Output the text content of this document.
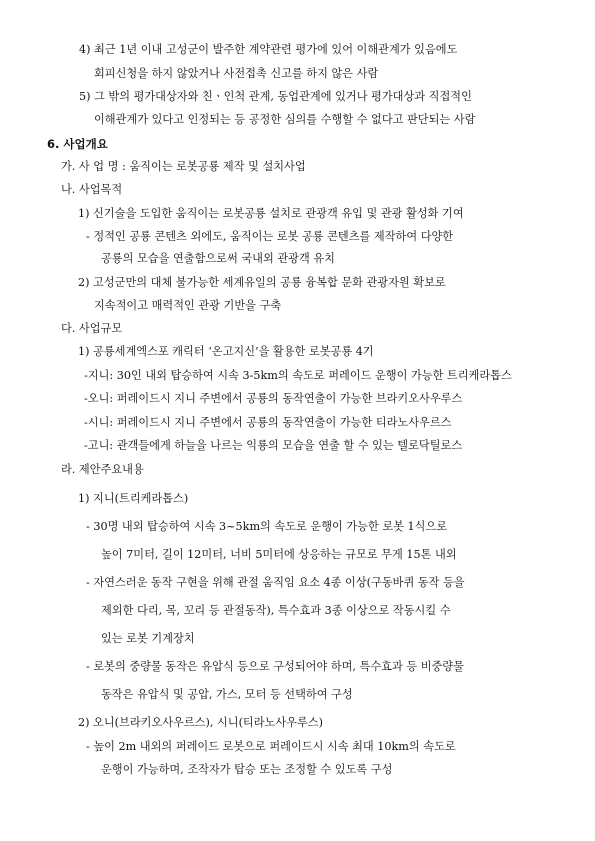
4) 최근 1년 이내 고성군이 발주한 계약관련 평가에 있어 이해관계가 있음에도
회피신청을 하지 않았거나 사전접촉 신고를 하지 않은 사람
5) 그 밖의 평가대상자와 친ㆍ인척 관계, 동업관계에 있거나 평가대상과 직접적인
이해관계가 있다고 인정되는 등 공정한 심의를 수행할 수 없다고 판단되는 사람
6. 사업개요
가. 사 업 명 : 움직이는 로봇공룡 제작 및 설치사업
나. 사업목적
1) 신기술을 도입한 움직이는 로봇공룡 설치로 관광객 유입 및 관광 활성화 기여
- 정적인 공룡 콘텐츠 외에도, 움직이는 로봇 공룡 콘텐츠를 제작하여 다양한
공룡의 모습을 연출함으로써 국내외 관광객 유치
2) 고성군만의 대체 불가능한 세계유일의 공룡 융복합 문화 관광자원 확보로
지속적이고 매력적인 관광 기반을 구축
다. 사업규모
1) 공룡세계엑스포 캐릭터 ‘온고지신’을 활용한 로봇공룡 4기
-지니: 30인 내외 탑승하여 시속 3-5km의 속도로 퍼레이드 운행이 가능한 트리케라톱스
-오니: 퍼레이드시 지니 주변에서 공룡의 동작연출이 가능한 브라키오사우루스
-시니: 퍼레이드시 지니 주변에서 공룡의 동작연출이 가능한 티라노사우르스
-고니: 관객들에게 하늘을 나르는 익룡의 모습을 연출 할 수 있는 텔로닥틸로스
라. 제안주요내용
1) 지니(트리케라톱스)
- 30명 내외 탑승하여 시속 3~5km의 속도로 운행이 가능한 로봇 1식으로
높이 7미터, 길이 12미터, 너비 5미터에 상응하는 규모로 무게 15톤 내외
- 자연스러운 동작 구현을 위해 관절 움직임 요소 4종 이상(구동바퀴 동작 등을
제외한 다리, 목, 꼬리 등 관절동작), 특수효과 3종 이상으로 작동시킬 수
있는 로봇 기계장치
- 로봇의 중량물 동작은 유압식 등으로 구성되어야 하며, 특수효과 등 비중량물
동작은 유압식 및 공압, 가스, 모터 등 선택하여 구성
2) 오니(브라키오사우르스), 시니(티라노사우루스)
- 높이 2m 내외의 퍼레이드 로봇으로 퍼레이드시 시속 최대 10km의 속도로
운행이 가능하며, 조작자가 탑승 또는 조정할 수 있도록 구성
